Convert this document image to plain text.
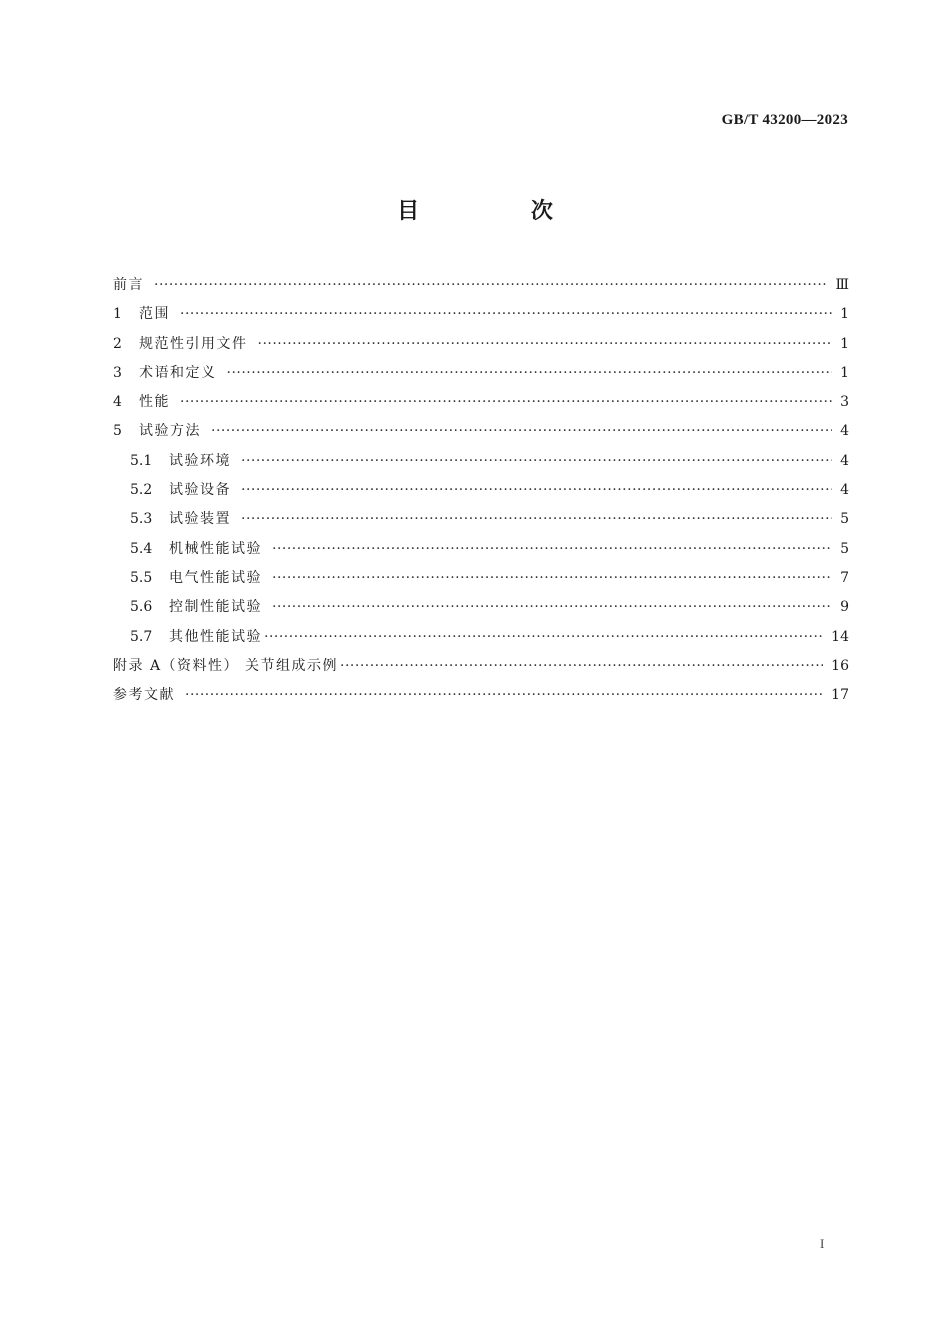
GB/T 43200—2023
目 次
前言 ·····	Ⅲ
1	范围 ·····	1
2	规范性引用文件 ·····	1
3	术语和定义 ·····	1
4	性能 ·····	3
5	试验方法 ·····	4
5.1	试验环境 ·····	4
5.2	试验设备 ·····	4
5.3	试验装置 ·····	5
5.4	机械性能试验 ·····	5
5.5	电气性能试验 ·····	7
5.6	控制性能试验 ·····	9
5.7	其他性能试验 ·····	14
附录 A（资料性） 关节组成示例 ·····	16
参考文献 ·····	17
I
